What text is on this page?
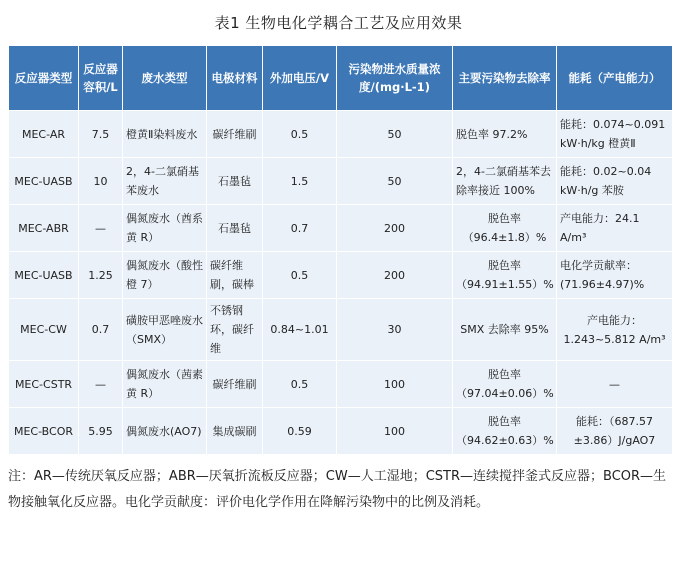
表1 生物电化学耦合工艺及应用效果
反应器类型	反应器容积/L	废水类型	电极材料	外加电压/V	污染物进水质量浓度/(mg·L-1)	主要污染物去除率	能耗（产电能力）
MEC-AR	7.5	橙黄Ⅱ染料废水	碳纤维刷	0.5	50	脱色率 97.2%	能耗：0.074~0.091 kW·h/kg 橙黄Ⅱ
MEC-UASB	10	2，4-二氯硝基苯废水	石墨毡	1.5	50	2，4-二氯硝基苯去除率接近 100%	能耗：0.02~0.04 kW·h/g 苯胺
MEC-ABR	—	偶氮废水（酋系黄 R）	石墨毡	0.7	200	脱色率（96.4±1.8）%	产电能力：24.1 A/m³
MEC-UASB	1.25	偶氮废水（酸性橙 7）	碳纤维刷，碳棒	0.5	200	脱色率（94.91±1.55）%	电化学贡献率：(71.96±4.97)%
MEC-CW	0.7	磺胺甲恶唑废水（SMX）	不锈钢环，碳纤维	0.84~1.01	30	SMX 去除率 95%	产电能力：1.243~5.812 A/m³
MEC-CSTR	—	偶氮废水（茜素黄 R）	碳纤维刷	0.5	100	脱色率（97.04±0.06）%	—
MEC-BCOR	5.95	偶氮废水(AO7)	集成碳刷	0.59	100	脱色率（94.62±0.63）%	能耗：（687.57 ±3.86）J/gAO7
注：AR—传统厌氧反应器；ABR—厌氧折流板反应器；CW—人工湿地；CSTR—连续搅拌釜式反应器；BCOR—生物接触氧化反应器。电化学贡献度：评价电化学作用在降解污染物中的比例及消耗。
